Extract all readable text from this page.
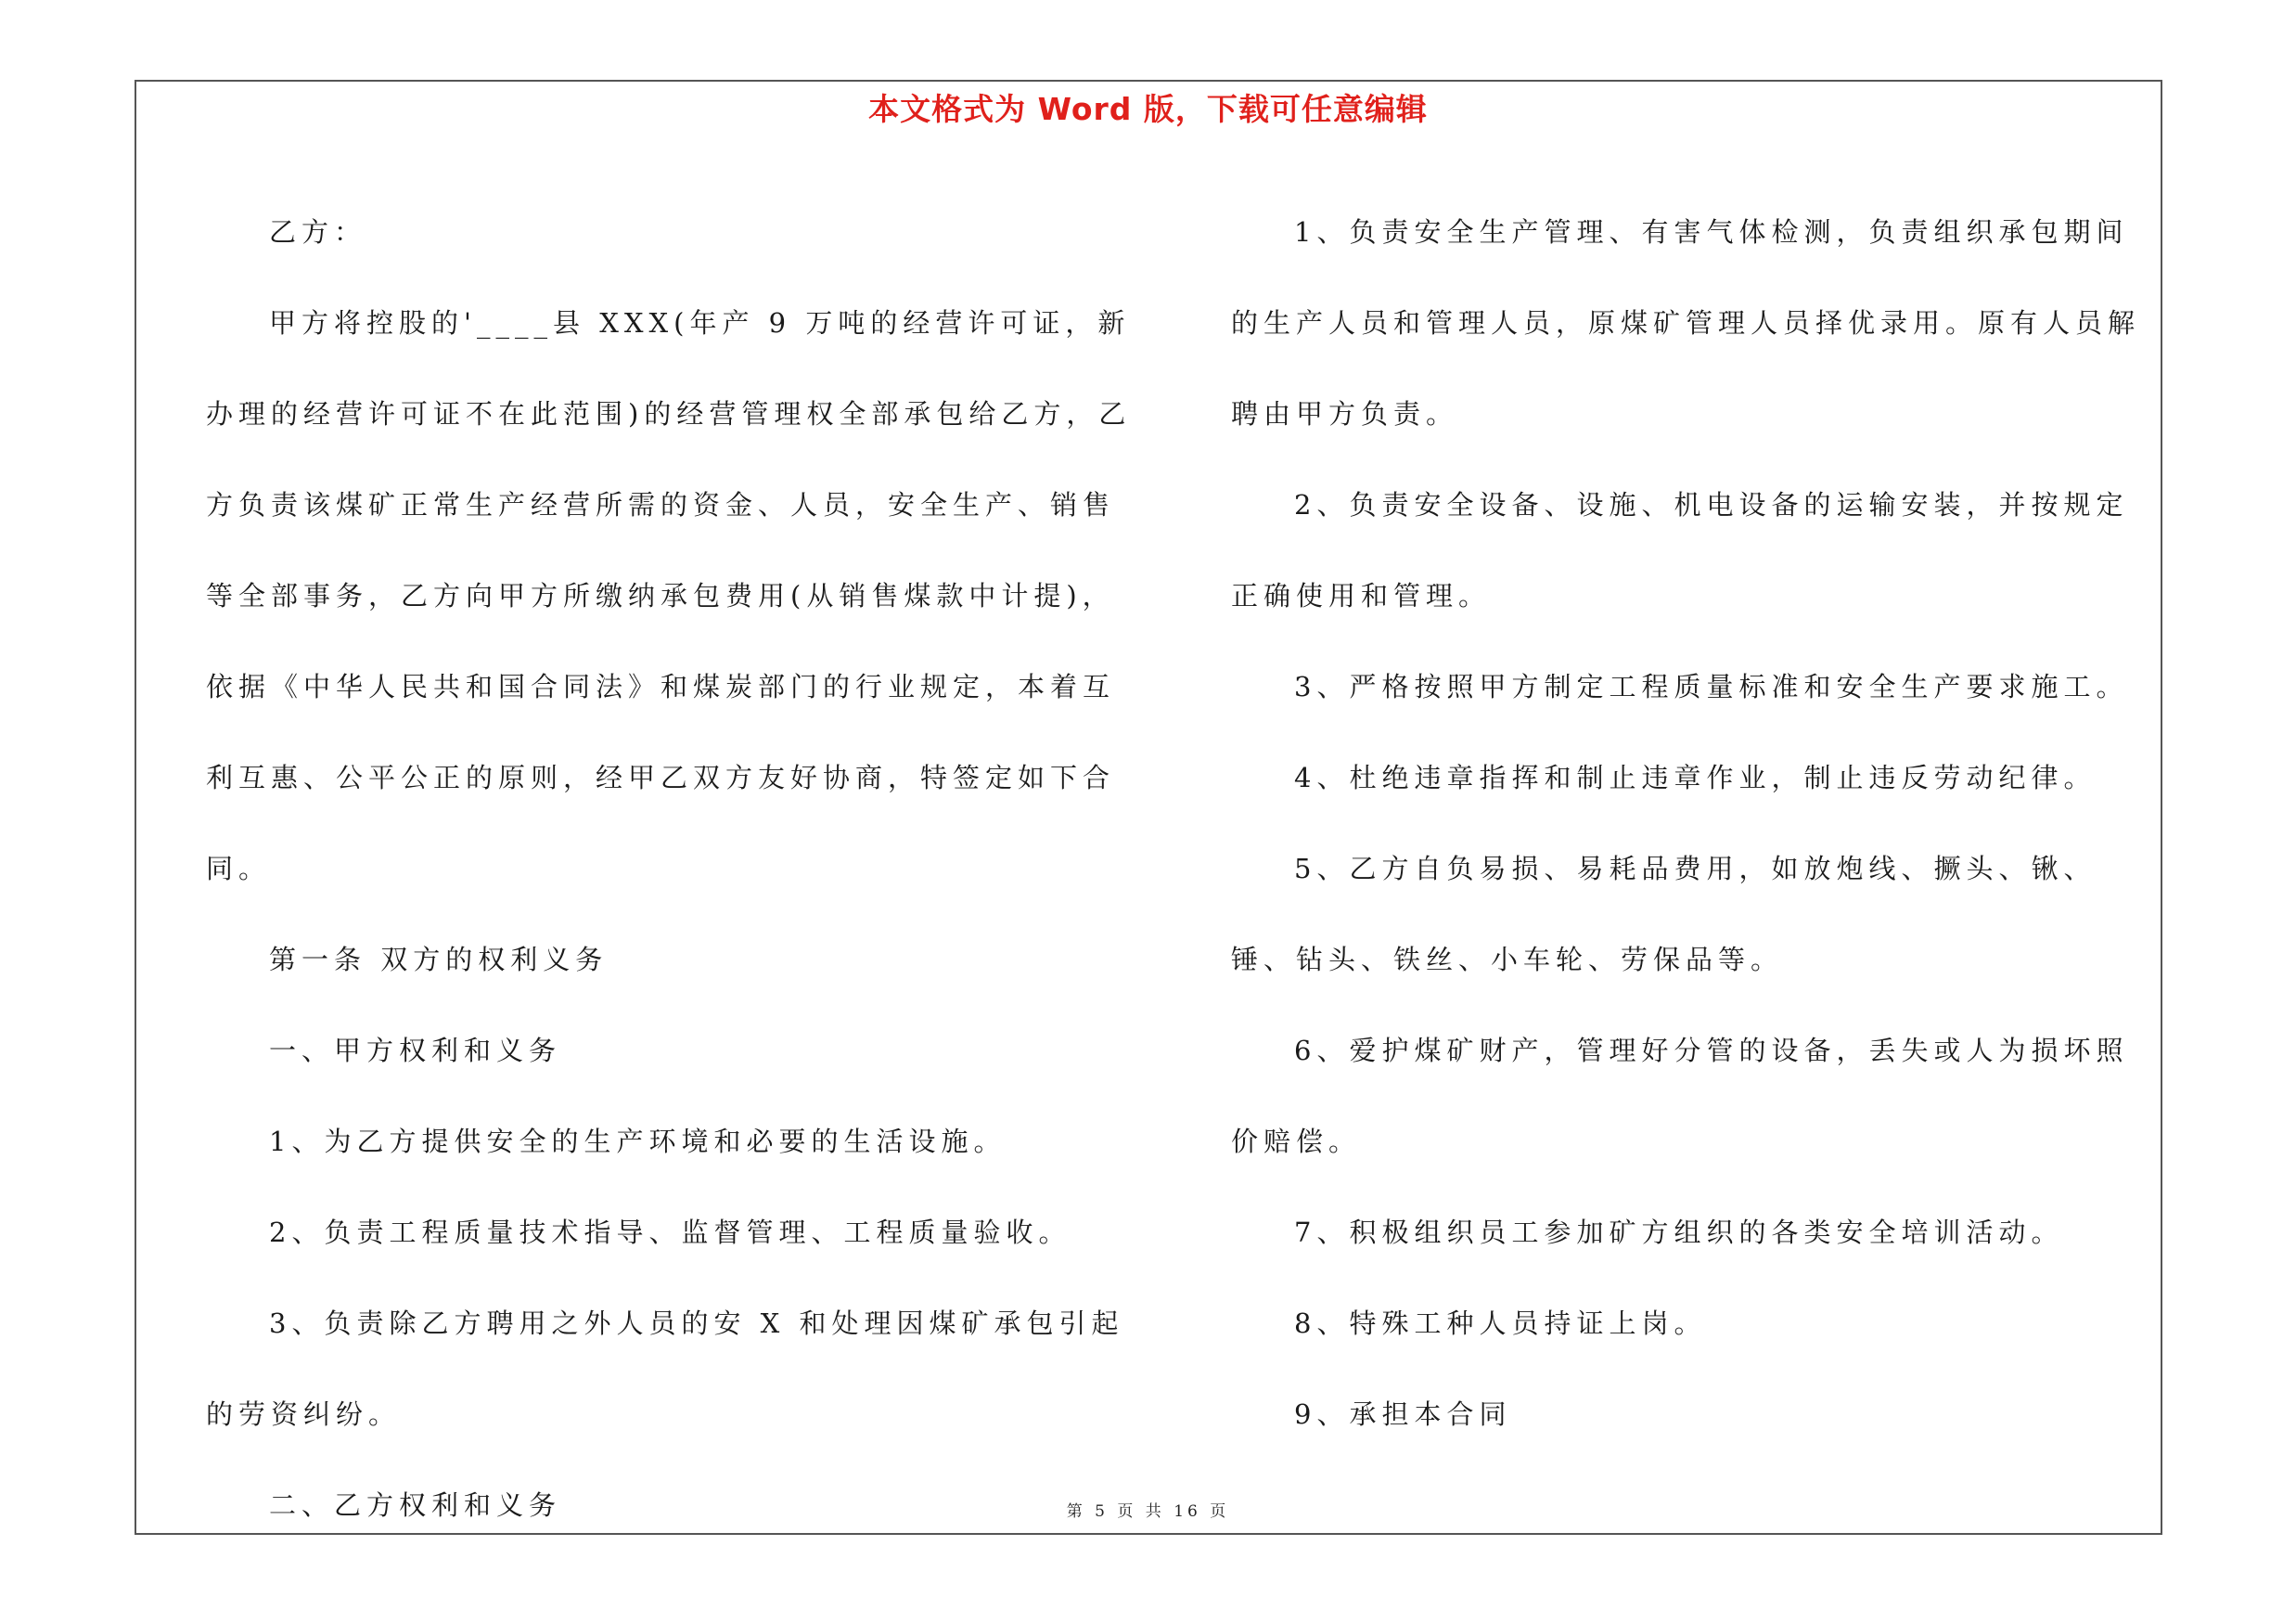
本文格式为 Word 版，下载可任意编辑

乙方：

甲方将控股的'____县 XXX(年产 9 万吨的经营许可证，新办理的经营许可证不在此范围)的经营管理权全部承包给乙方，乙方负责该煤矿正常生产经营所需的资金、人员，安全生产、销售等全部事务，乙方向甲方所缴纳承包费用(从销售煤款中计提)，依据《中华人民共和国合同法》和煤炭部门的行业规定，本着互利互惠、公平公正的原则，经甲乙双方友好协商，特签定如下合同。

第一条 双方的权利义务

一、甲方权利和义务

1、为乙方提供安全的生产环境和必要的生活设施。

2、负责工程质量技术指导、监督管理、工程质量验收。

3、负责除乙方聘用之外人员的安 X 和处理因煤矿承包引起的劳资纠纷。

二、乙方权利和义务

1、负责安全生产管理、有害气体检测，负责组织承包期间的生产人员和管理人员，原煤矿管理人员择优录用。原有人员解聘由甲方负责。

2、负责安全设备、设施、机电设备的运输安装，并按规定正确使用和管理。

3、严格按照甲方制定工程质量标准和安全生产要求施工。

4、杜绝违章指挥和制止违章作业，制止违反劳动纪律。

5、乙方自负易损、易耗品费用，如放炮线、撅头、锹、锤、钻头、铁丝、小车轮、劳保品等。

6、爱护煤矿财产，管理好分管的设备，丢失或人为损坏照价赔偿。

7、积极组织员工参加矿方组织的各类安全培训活动。

8、特殊工种人员持证上岗。

9、承担本合同

第 5 页 共 16 页
